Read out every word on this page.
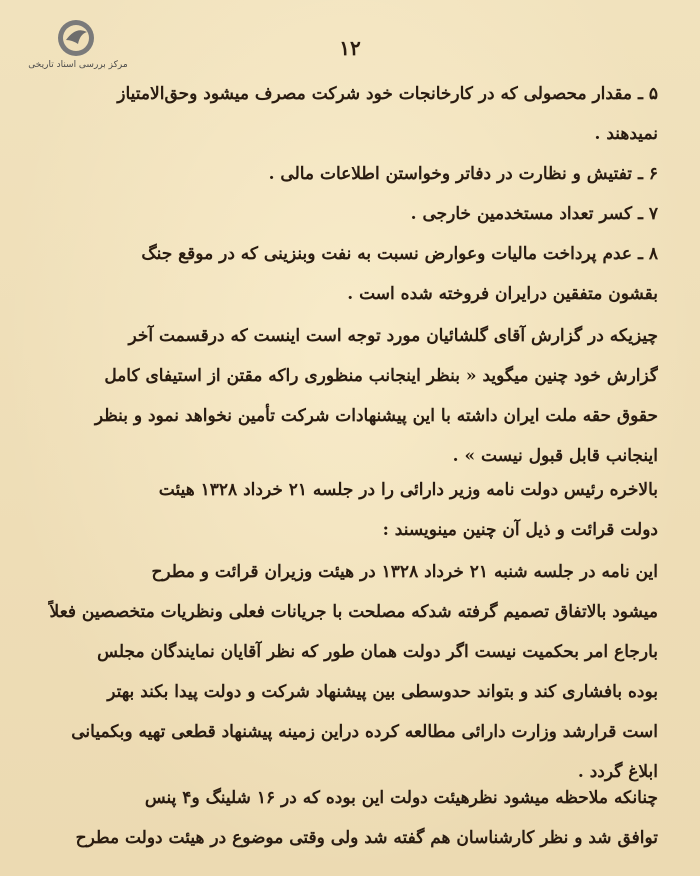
مرکز بررسی اسناد تاریخی
۱۲
۵ ـ مقدار محصولی که در کارخانجات خود شرکت مصرف میشود وحق‌الامتیاز
نمیدهند .
۶ ـ تفتیش و نظارت در دفاتر وخواستن اطلاعات مالی .
۷ ـ کسر تعداد مستخدمین خارجی .
۸ ـ عدم پرداخت مالیات وعوارض نسبت به نفت وبنزینی که در موقع جنگ
بقشون متفقین درایران فروخته شده است .
چیزیکه در گزارش آقای گلشائیان مورد توجه است اینست که درقسمت آخر
گزارش خود چنین میگوید « بنظر اینجانب منظوری راکه مقتن از استیفای کامل
حقوق حقه ملت ایران داشته با این پیشنهادات شرکت تأمین نخواهد نمود و بنظر
اینجانب قابل قبول نیست » .
بالاخره رئیس دولت نامه وزیر دارائی را در جلسه ۲۱ خرداد ۱۳۲۸ هیئت
دولت قرائت و ذیل آن چنین مینویسند :
این نامه در جلسه شنبه ۲۱ خرداد ۱۳۲۸ در هیئت وزیران قرائت و مطرح
میشود بالاتفاق تصمیم گرفته شدکه مصلحت با جریانات فعلی ونظریات متخصصین فعلاً
بارجاع امر بحکمیت نیست اگر دولت همان طور که نظر آقایان نمایندگان مجلس
بوده بافشاری کند و بتواند حدوسطی بین پیشنهاد شرکت و دولت پیدا بکند بهتر
است قرارشد وزارت دارائی مطالعه کرده دراین زمینه پیشنهاد قطعی تهیه وبکمیانی
ابلاغ گردد .
چنانکه ملاحظه میشود نظرهیئت دولت این بوده که در ۱۶ شلینگ و۴ پنس
توافق شد و نظر کارشناسان هم گفته شد ولی وقتی موضوع در هیئت دولت مطرح
